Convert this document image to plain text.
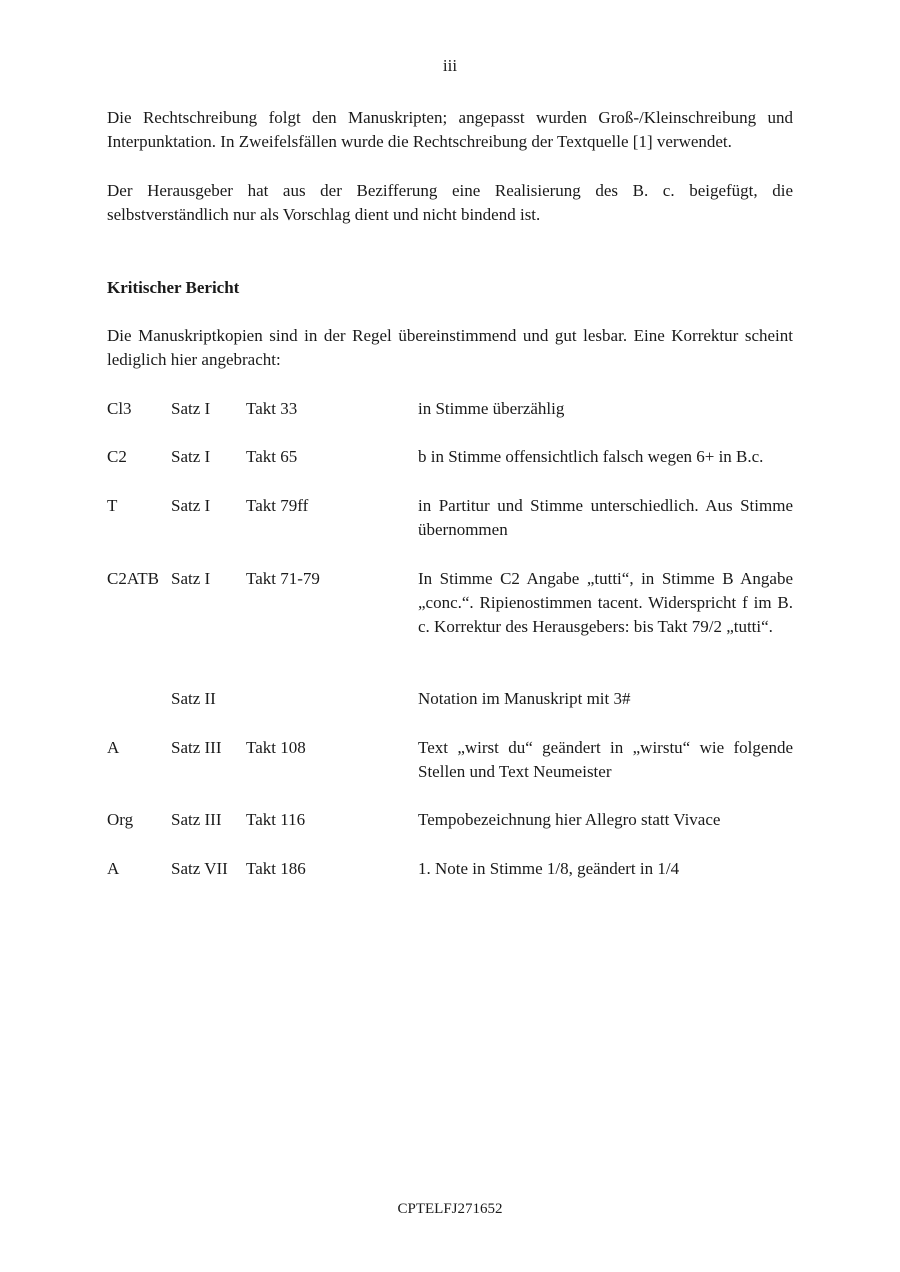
iii

Die Rechtschreibung folgt den Manuskripten; angepasst wurden Groß-/Kleinschreibung und Interpunktation. In Zweifelsfällen wurde die Rechtschreibung der Textquelle [1] verwendet.

Der Herausgeber hat aus der Bezifferung eine Realisierung des B. c. beigefügt, die selbstverständlich nur als Vorschlag dient und nicht bindend ist.

Kritischer Bericht

Die Manuskriptkopien sind in der Regel übereinstimmend und gut lesbar. Eine Korrektur scheint lediglich hier angebracht:

Cl3 Satz I Takt 33	in Stimme überzählig
C2	Satz I Takt 65	b in Stimme offensichtlich falsch wegen 6+ in B.c.
T	Satz I Takt 79ff	in Partitur und Stimme unterschiedlich. Aus Stimme übernommen
C2ATB Satz I Takt 71-79	In Stimme C2 Angabe „tutti“, in Stimme B Angabe „conc.“. Ripienostimmen tacent. Widerspricht f im B. c. Korrektur des Herausgebers: bis Takt 79/2 „tutti“.
Satz II	Notation im Manuskript mit 3#
A	Satz III Takt 108	Text „wirst du“ geändert in „wirstu“ wie folgende Stellen und Text Neumeister
Org Satz III Takt 116	Tempobezeichnung hier Allegro statt Vivace
A	Satz VII Takt 186	1. Note in Stimme 1/8, geändert in 1/4
CPTELFJ271652
